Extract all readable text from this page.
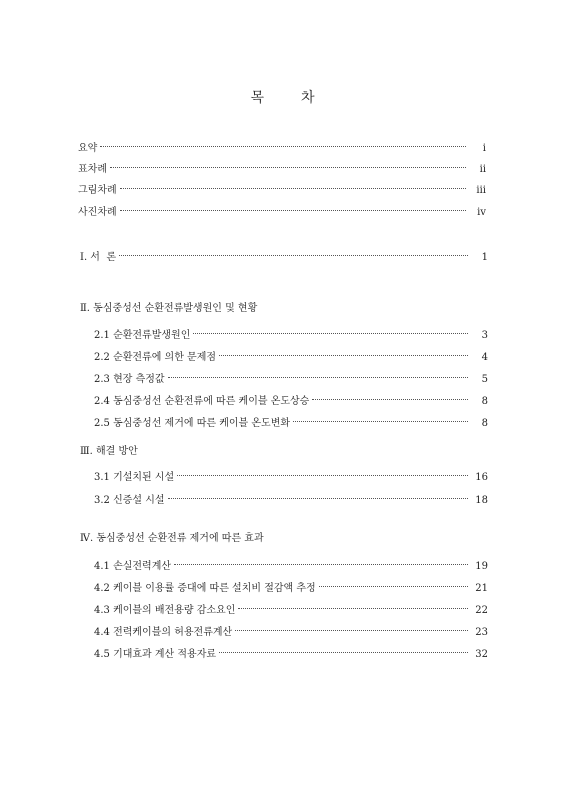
목	차
요약	ⅰ
표차례	ⅱ
그림차례	ⅲ
사진차례	ⅳ
Ⅰ. 서  론	1
Ⅱ. 동심중성선 순환전류발생원인 및 현황
2.1 순환전류발생원인	3
2.2 순환전류에 의한 문제점	4
2.3 현장 측정값	5
2.4 동심중성선 순환전류에 따른 케이블 온도상승	8
2.5 동심중성선 제거에 따른 케이블 온도변화	8
Ⅲ. 해결 방안
3.1 기설치된 시설	16
3.2 신증설 시설	18
Ⅳ. 동심중성선 순환전류 제거에 따른 효과
4.1 손실전력계산	19
4.2 케이블 이용률 증대에 따른 설치비 절감액 추정	21
4.3 케이블의 배전용량 감소요인	22
4.4 전력케이블의 허용전류계산	23
4.5 기대효과 계산 적용자료	32
